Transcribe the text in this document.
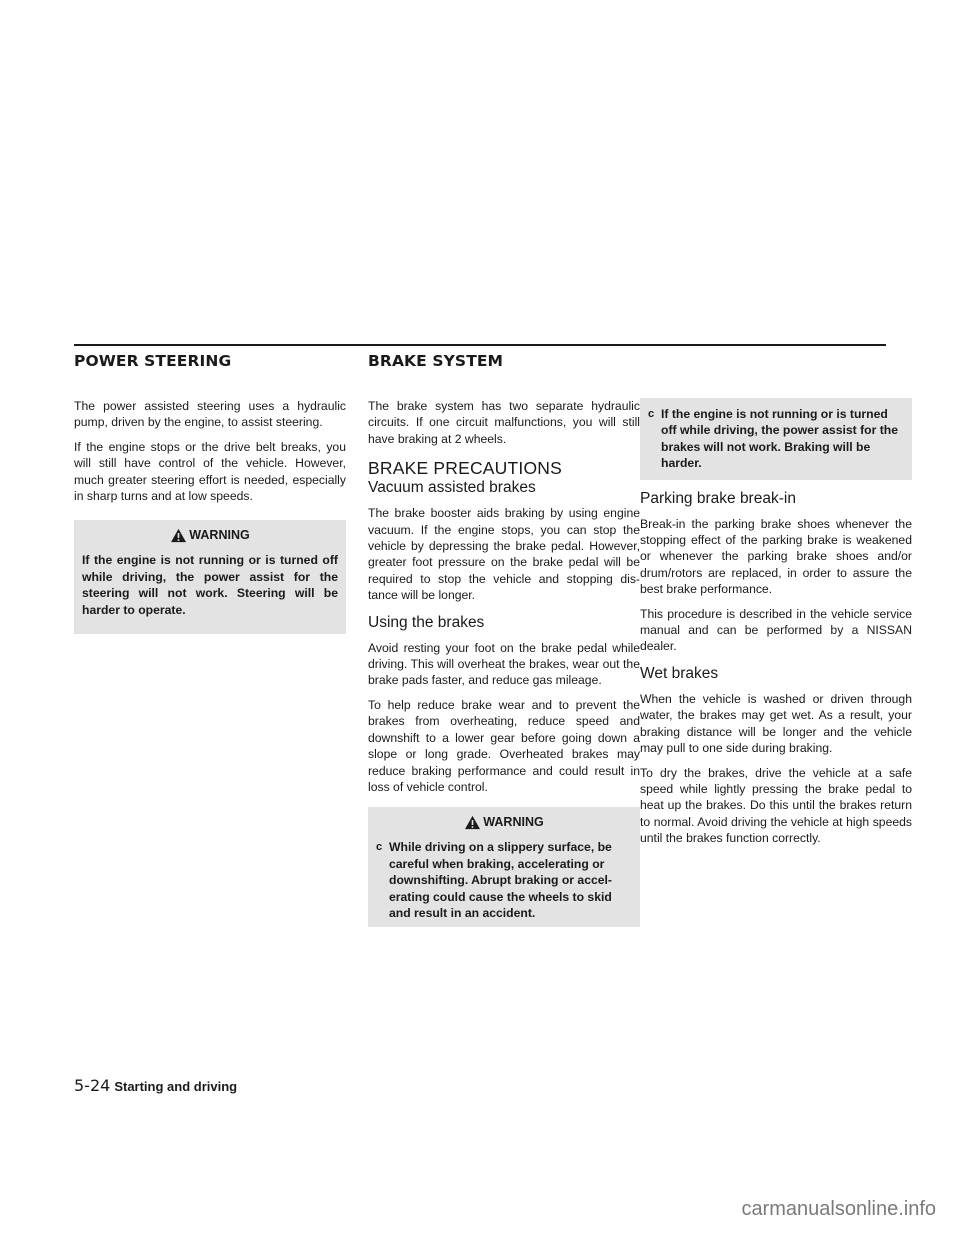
POWER STEERING	BRAKE SYSTEM

The power assisted steering uses a hydraulic pump, driven by the engine, to assist steering.

If the engine stops or the drive belt breaks, you will still have control of the vehicle. However, much greater steering effort is needed, especially in sharp turns and at low speeds.

WARNING

If the engine is not running or is turned off while driving, the power assist for the steering will not work. Steering will be harder to operate.

The brake system has two separate hydraulic circuits. If one circuit malfunctions, you will still have braking at 2 wheels.

BRAKE PRECAUTIONS
Vacuum assisted brakes

The brake booster aids braking by using engine vacuum. If the engine stops, you can stop the vehicle by depressing the brake pedal. However, greater foot pressure on the brake pedal will be required to stop the vehicle and stopping dis- tance will be longer.

Using the brakes

Avoid resting your foot on the brake pedal while driving. This will overheat the brakes, wear out the brake pads faster, and reduce gas mileage.

To help reduce brake wear and to prevent the brakes from overheating, reduce speed and downshift to a lower gear before going down a slope or long grade. Overheated brakes may reduce braking performance and could result in loss of vehicle control.

WARNING
c While driving on a slippery surface, be careful when braking, accelerating or downshifting. Abrupt braking or accel- erating could cause the wheels to skid and result in an accident.
c If the engine is not running or is turned off while driving, the power assist for the brakes will not work. Braking will be harder.
Parking brake break-in

Break-in the parking brake shoes whenever the stopping effect of the parking brake is weakened or whenever the parking brake shoes and/or drum/rotors are replaced, in order to assure the best brake performance.

This procedure is described in the vehicle service manual and can be performed by a NISSAN dealer.

Wet brakes

When the vehicle is washed or driven through water, the brakes may get wet. As a result, your braking distance will be longer and the vehicle may pull to one side during braking.

To dry the brakes, drive the vehicle at a safe speed while lightly pressing the brake pedal to heat up the brakes. Do this until the brakes return to normal. Avoid driving the vehicle at high speeds until the brakes function correctly.

5-24 Starting and driving
carmanualsonline.info
